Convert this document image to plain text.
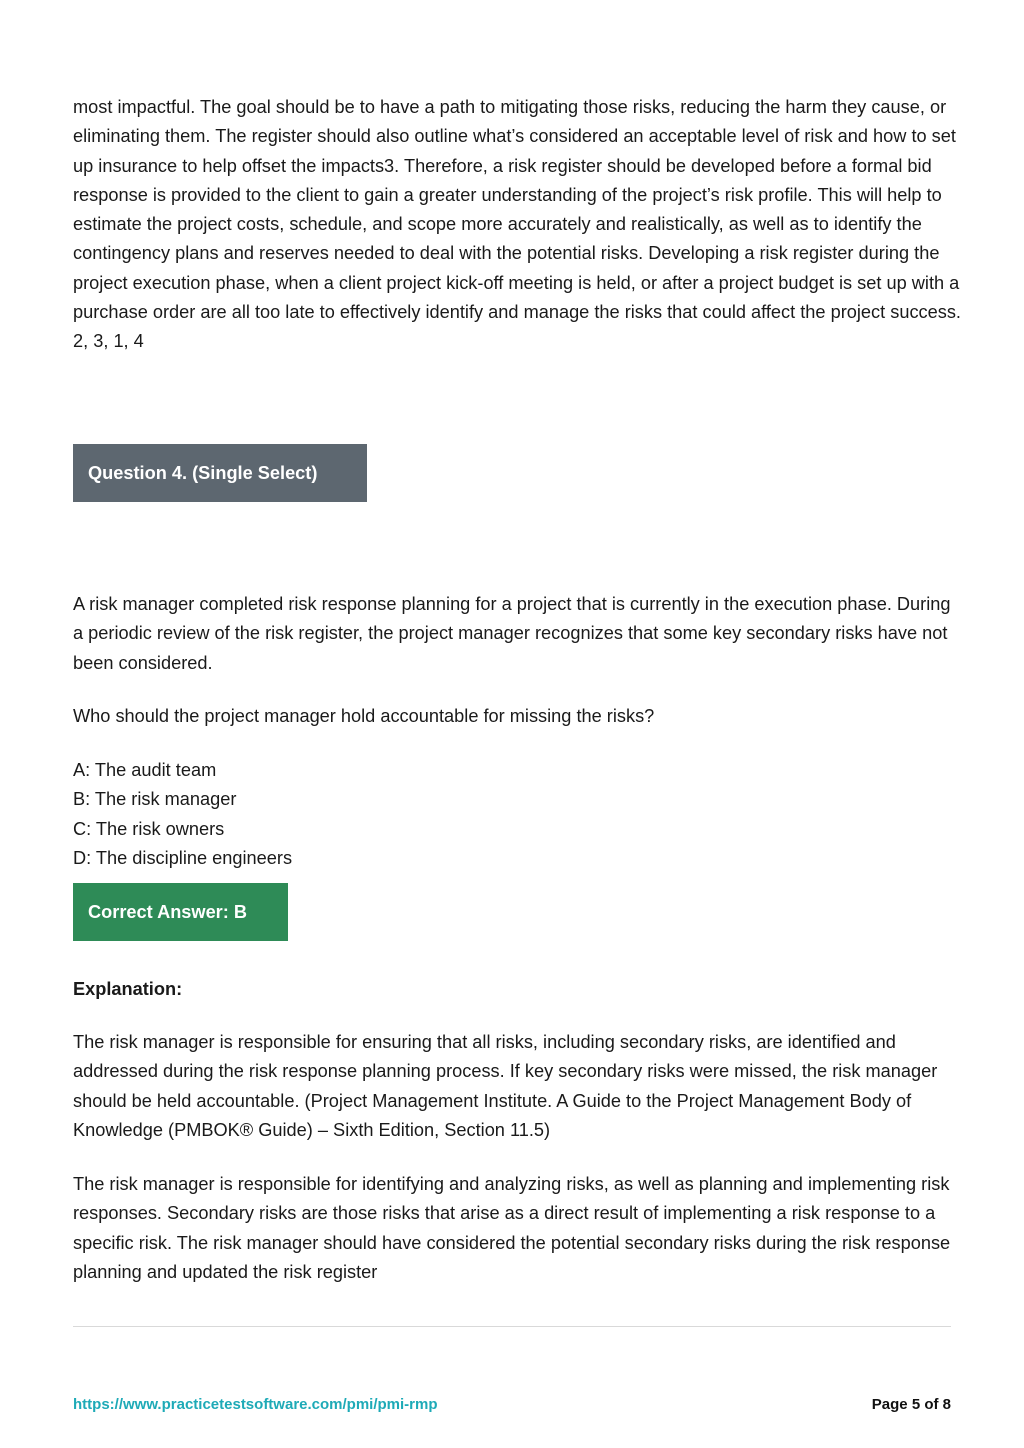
most impactful. The goal should be to have a path to mitigating those risks, reducing the harm they cause, or eliminating them. The register should also outline what’s considered an acceptable level of risk and how to set up insurance to help offset the impacts3. Therefore, a risk register should be developed before a formal bid response is provided to the client to gain a greater understanding of the project’s risk profile. This will help to estimate the project costs, schedule, and scope more accurately and realistically, as well as to identify the contingency plans and reserves needed to deal with the potential risks. Developing a risk register during the project execution phase, when a client project kick-off meeting is held, or after a project budget is set up with a purchase order are all too late to effectively identify and manage the risks that could affect the project success. 2, 3, 1, 4

Question 4. (Single Select)

A risk manager completed risk response planning for a project that is currently in the execution phase. During a periodic review of the risk register, the project manager recognizes that some key secondary risks have not been considered.

Who should the project manager hold accountable for missing the risks?

A: The audit team
B: The risk manager
C: The risk owners
D: The discipline engineers
Correct Answer: B

Explanation:

The risk manager is responsible for ensuring that all risks, including secondary risks, are identified and addressed during the risk response planning process. If key secondary risks were missed, the risk manager should be held accountable. (Project Management Institute. A Guide to the Project Management Body of Knowledge (PMBOK® Guide) – Sixth Edition, Section 11.5)

The risk manager is responsible for identifying and analyzing risks, as well as planning and implementing risk responses. Secondary risks are those risks that arise as a direct result of implementing a risk response to a specific risk. The risk manager should have considered the potential secondary risks during the risk response planning and updated the risk register

https://www.practicetestsoftware.com/pmi/pmi-rmp	Page 5 of 8
